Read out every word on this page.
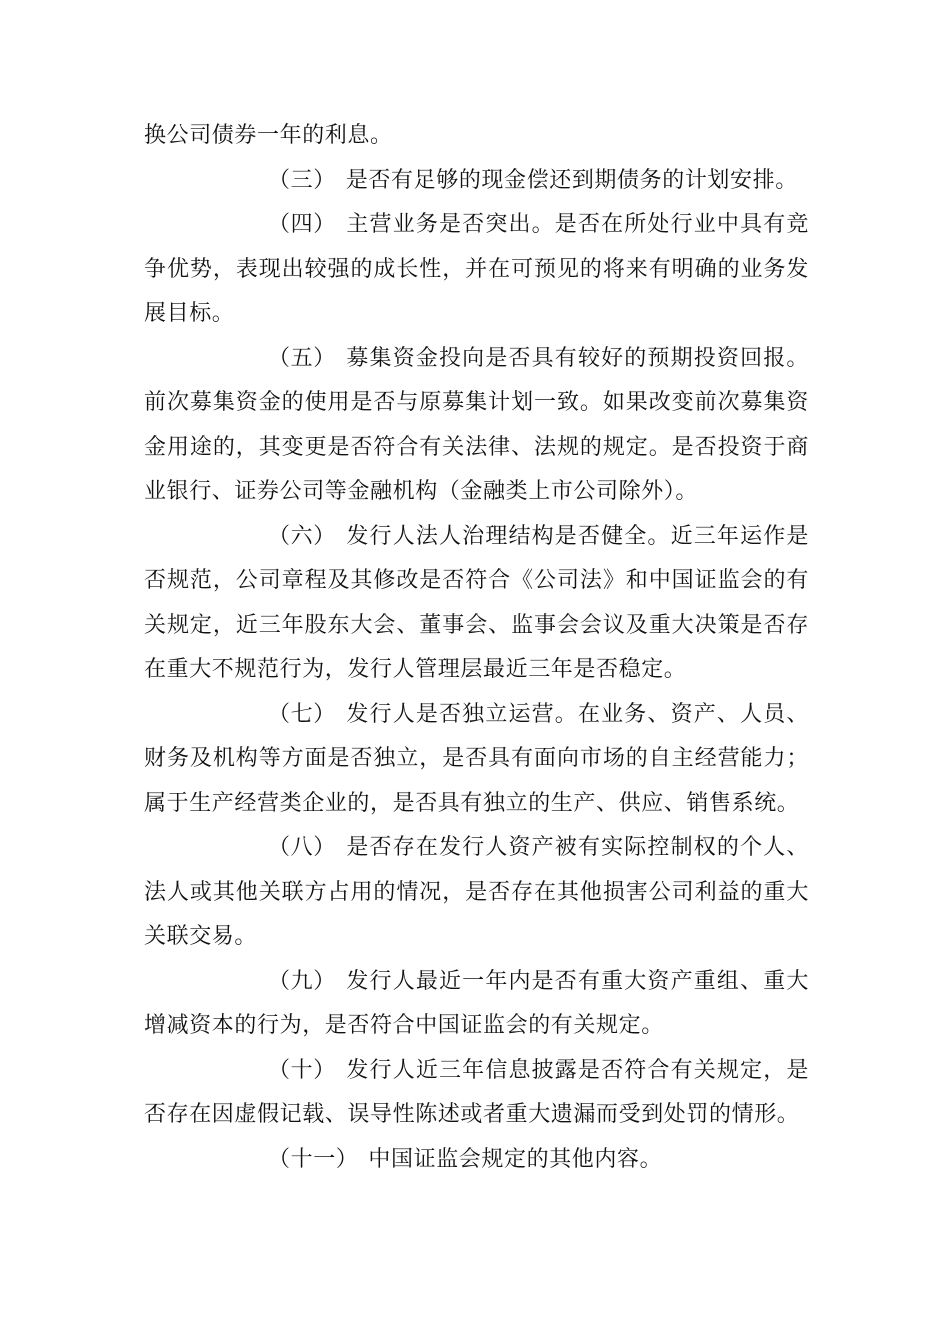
换公司债券一年的利息。

（三） 是否有足够的现金偿还到期债务的计划安排。

（四） 主营业务是否突出。是否在所处行业中具有竞争优势，表现出较强的成长性，并在可预见的将来有明确的业务发展目标。

（五） 募集资金投向是否具有较好的预期投资回报。前次募集资金的使用是否与原募集计划一致。如果改变前次募集资金用途的，其变更是否符合有关法律、法规的规定。是否投资于商业银行、证券公司等金融机构（金融类上市公司除外）。

（六） 发行人法人治理结构是否健全。近三年运作是否规范，公司章程及其修改是否符合《公司法》和中国证监会的有关规定，近三年股东大会、董事会、监事会会议及重大决策是否存在重大不规范行为，发行人管理层最近三年是否稳定。

（七） 发行人是否独立运营。在业务、资产、人员、财务及机构等方面是否独立，是否具有面向市场的自主经营能力；属于生产经营类企业的，是否具有独立的生产、供应、销售系统。

（八） 是否存在发行人资产被有实际控制权的个人、法人或其他关联方占用的情况，是否存在其他损害公司利益的重大关联交易。

（九） 发行人最近一年内是否有重大资产重组、重大增减资本的行为，是否符合中国证监会的有关规定。

（十） 发行人近三年信息披露是否符合有关规定，是否存在因虚假记载、误导性陈述或者重大遗漏而受到处罚的情形。

（十一） 中国证监会规定的其他内容。
